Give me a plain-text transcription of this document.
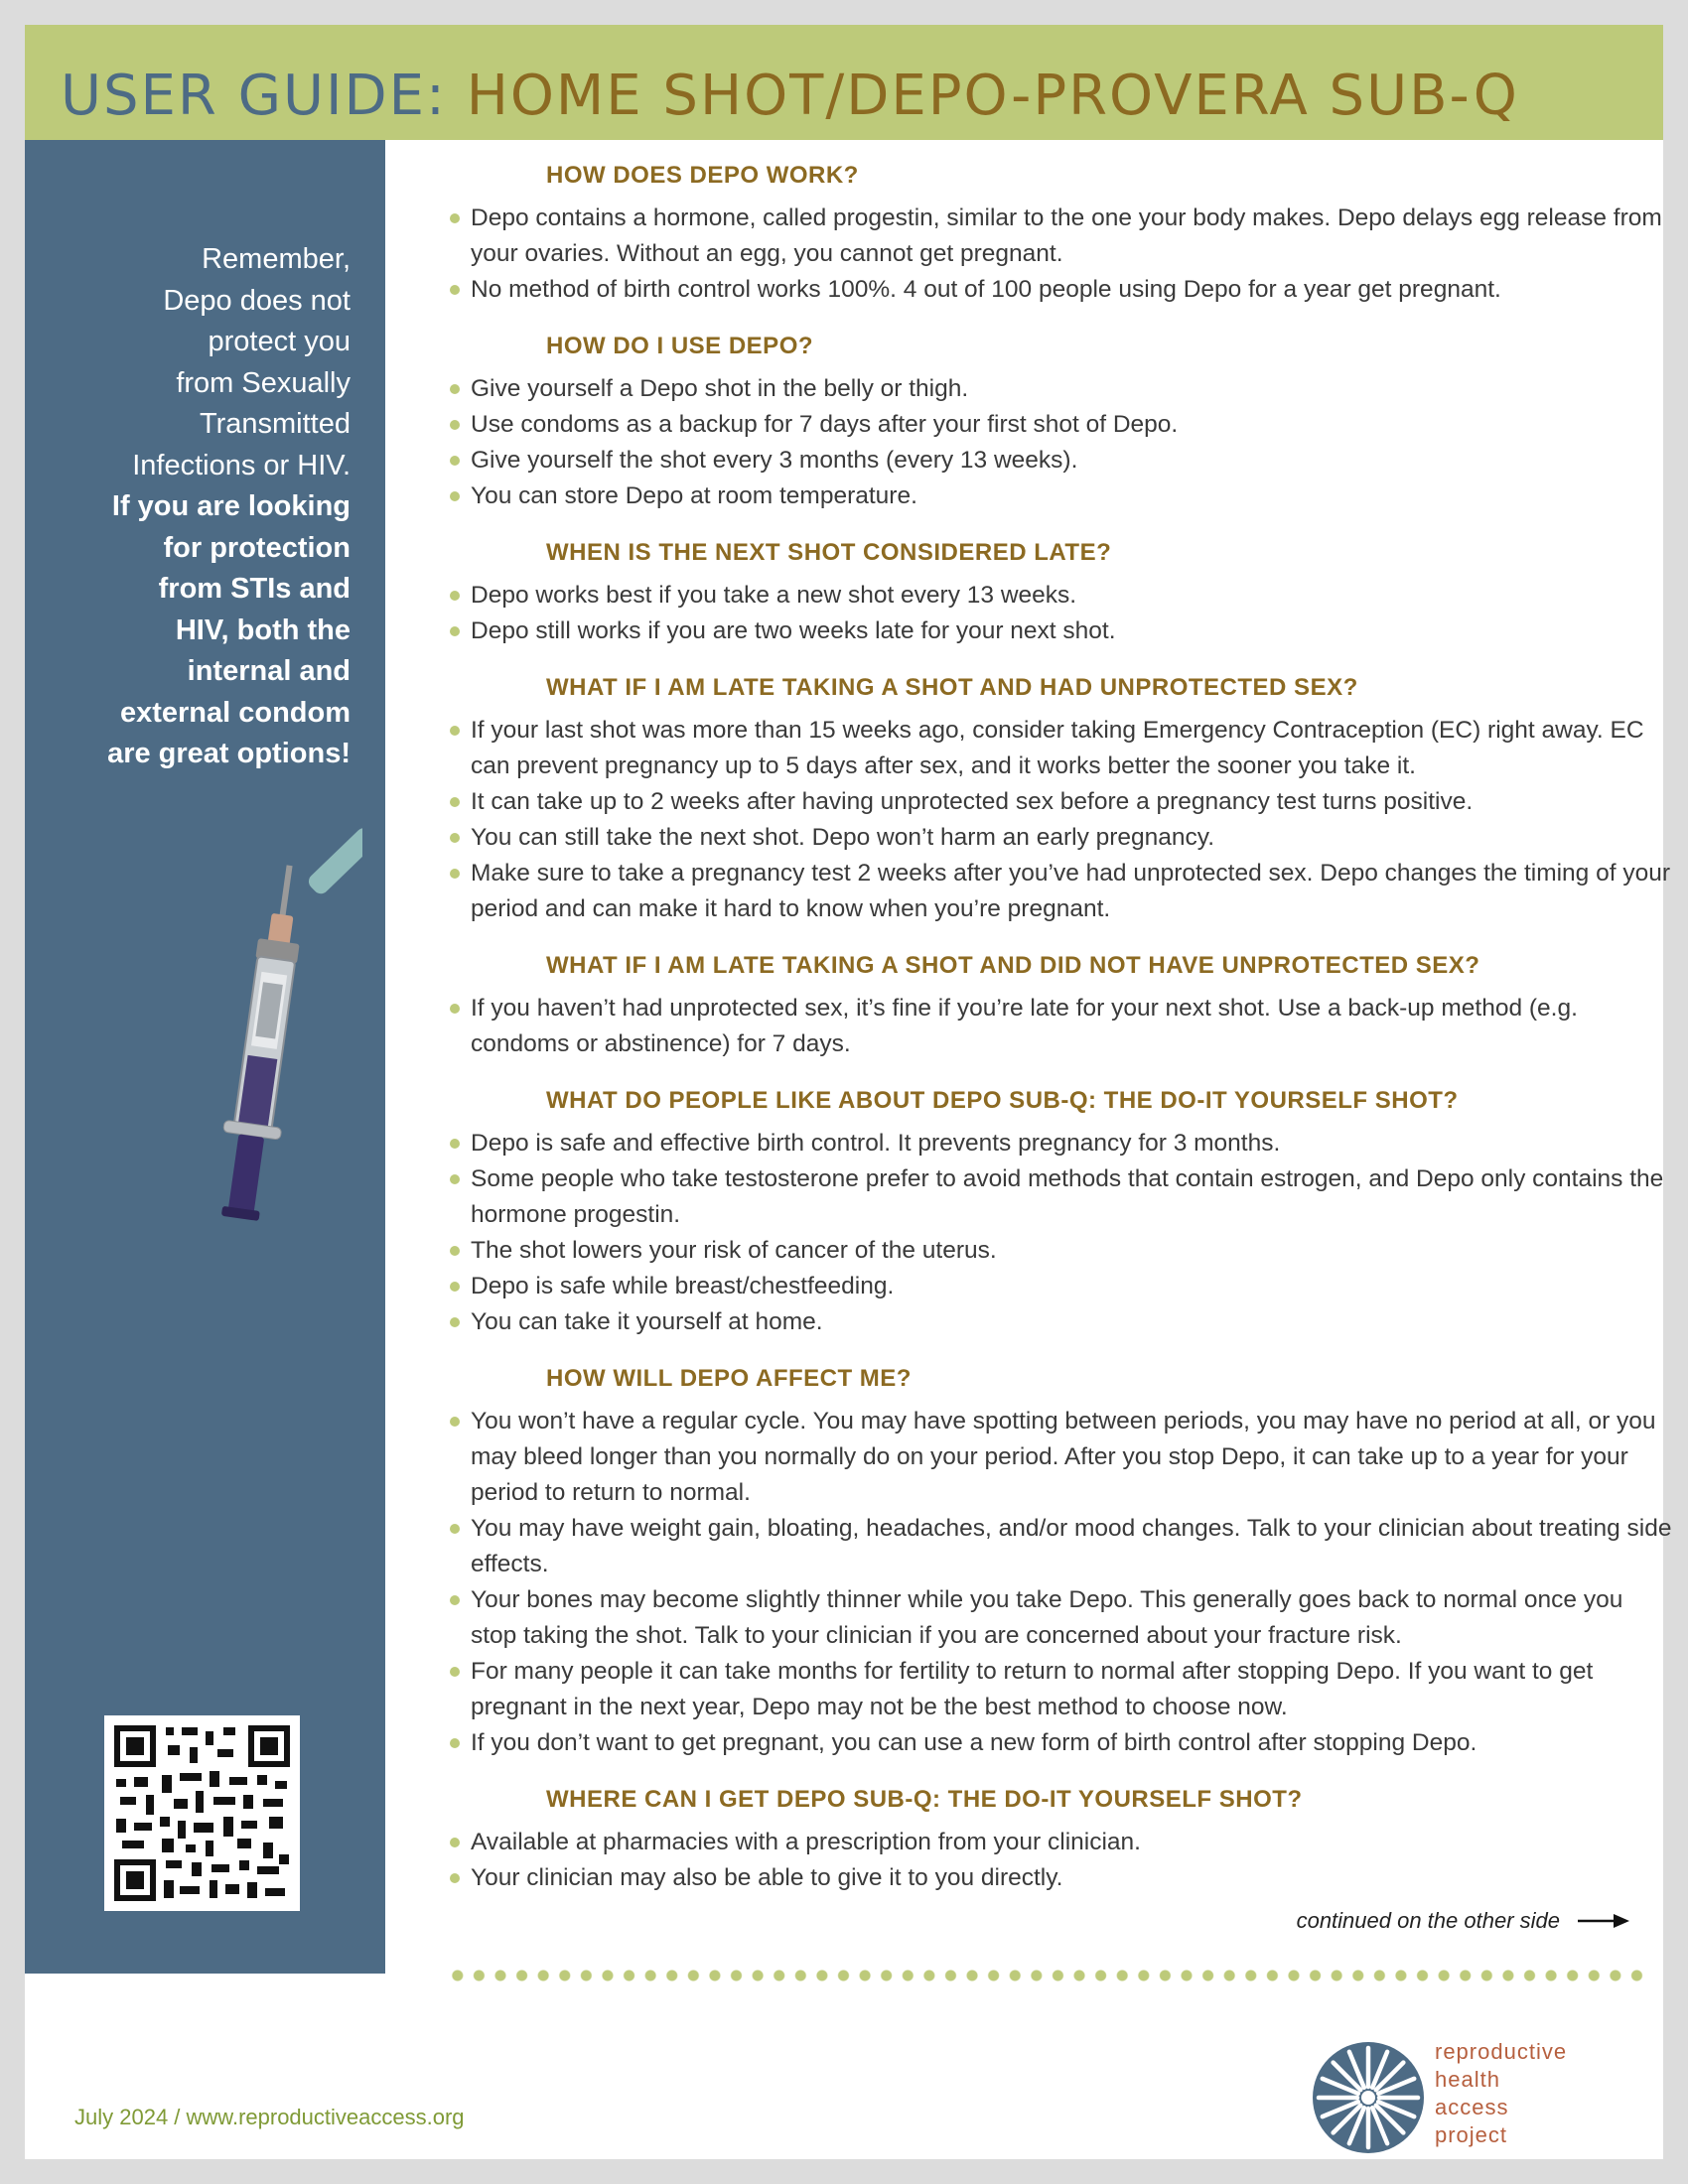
USER GUIDE: HOME SHOT/DEPO-PROVERA SUB-Q
Remember,
Depo does not
protect you
from Sexually
Transmitted
Infections or HIV.
If you are looking
for protection
from STIs and
HIV, both the
internal and
external condom
are great options!
HOW DOES DEPO WORK?
Depo contains a hormone, called progestin, similar to the one your body makes. Depo delays egg release from your ovaries. Without an egg, you cannot get pregnant.
No method of birth control works 100%. 4 out of 100 people using Depo for a year get pregnant.
HOW DO I USE DEPO?
Give yourself a Depo shot in the belly or thigh.
Use condoms as a backup for 7 days after your first shot of Depo.
Give yourself the shot every 3 months (every 13 weeks).
You can store Depo at room temperature.
WHEN IS THE NEXT SHOT CONSIDERED LATE?
Depo works best if you take a new shot every 13 weeks.
Depo still works if you are two weeks late for your next shot.
WHAT IF I AM LATE TAKING A SHOT AND HAD UNPROTECTED SEX?
If your last shot was more than 15 weeks ago, consider taking Emergency Contraception (EC) right away. EC can prevent pregnancy up to 5 days after sex, and it works better the sooner you take it.
It can take up to 2 weeks after having unprotected sex before a pregnancy test turns positive.
You can still take the next shot. Depo won’t harm an early pregnancy.
Make sure to take a pregnancy test 2 weeks after you’ve had unprotected sex. Depo changes the timing of your period and can make it hard to know when you’re pregnant.
WHAT IF I AM LATE TAKING A SHOT AND DID NOT HAVE UNPROTECTED SEX?
If you haven’t had unprotected sex, it’s fine if you’re late for your next shot. Use a back-up method (e.g. condoms or abstinence) for 7 days.
WHAT DO PEOPLE LIKE ABOUT DEPO SUB-Q: THE DO-IT YOURSELF SHOT?
Depo is safe and effective birth control. It prevents pregnancy for 3 months.
Some people who take testosterone prefer to avoid methods that contain estrogen, and Depo only contains the hormone progestin.
The shot lowers your risk of cancer of the uterus.
Depo is safe while breast/chestfeeding.
You can take it yourself at home.
HOW WILL DEPO AFFECT ME?
You won’t have a regular cycle. You may have spotting between periods, you may have no period at all, or you may bleed longer than you normally do on your period. After you stop Depo, it can take up to a year for your period to return to normal.
You may have weight gain, bloating, headaches, and/or mood changes. Talk to your clinician about treating side effects.
Your bones may become slightly thinner while you take Depo. This generally goes back to normal once you stop taking the shot. Talk to your clinician if you are concerned about your fracture risk.
For many people it can take months for fertility to return to normal after stopping Depo. If you want to get pregnant in the next year, Depo may not be the best method to choose now.
If you don’t want to get pregnant, you can use a new form of birth control after stopping Depo.
WHERE CAN I GET DEPO SUB-Q: THE DO-IT YOURSELF SHOT?
Available at pharmacies with a prescription from your clinician.
Your clinician may also be able to give it to you directly.
continued on the other side
July 2024 / www.reproductiveaccess.org
reproductive
health
access
project
